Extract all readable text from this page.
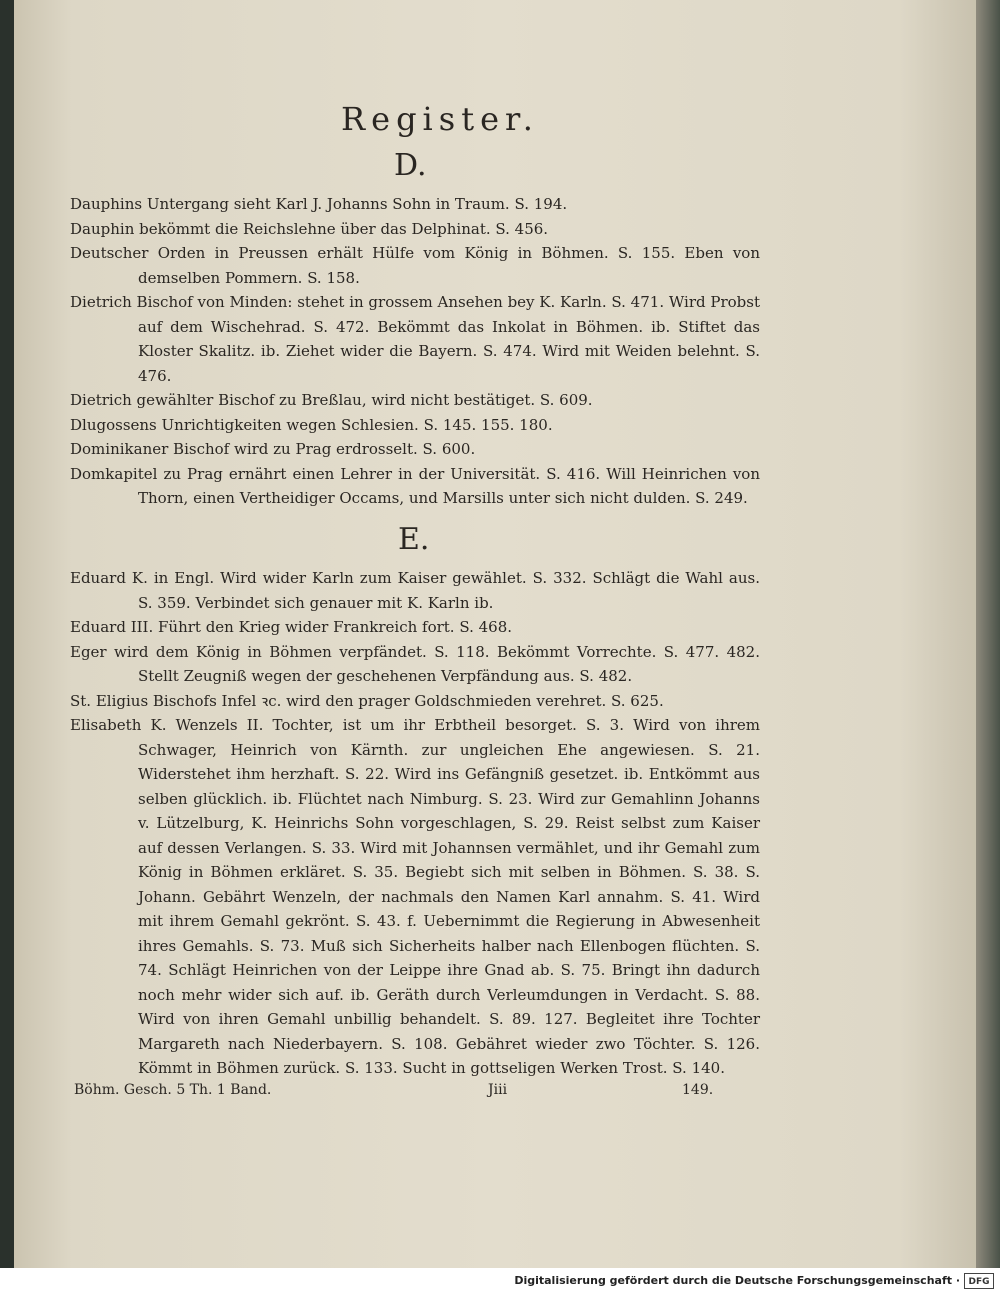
Register.
D.

Dauphins Untergang sieht Karl J. Johanns Sohn in Traum. S. 194.

Dauphin bekömmt die Reichslehne über das Delphinat. S. 456.

Deutscher Orden in Preussen erhält Hülfe vom König in Böhmen. S. 155. Eben von demselben Pommern. S. 158.

Dietrich Bischof von Minden: stehet in grossem Ansehen bey K. Karln. S. 471. Wird Probst auf dem Wischehrad. S. 472. Bekömmt das Inkolat in Böhmen. ib. Stiftet das Kloster Skalitz. ib. Ziehet wider die Bayern. S. 474. Wird mit Weiden belehnt. S. 476.

Dietrich gewählter Bischof zu Breßlau, wird nicht bestätiget. S. 609.

Dlugossens Unrichtigkeiten wegen Schlesien. S. 145. 155. 180.

Dominikaner Bischof wird zu Prag erdrosselt. S. 600.

Domkapitel zu Prag ernährt einen Lehrer in der Universität. S. 416. Will Heinrichen von Thorn, einen Vertheidiger Occams, und Marsills unter sich nicht dulden. S. 249.

E.

Eduard K. in Engl. Wird wider Karln zum Kaiser gewählet. S. 332. Schlägt die Wahl aus. S. 359. Verbindet sich genauer mit K. Karln ib.

Eduard III. Führt den Krieg wider Frankreich fort. S. 468.

Eger wird dem König in Böhmen verpfändet. S. 118. Bekömmt Vorrechte. S. 477. 482. Stellt Zeugniß wegen der geschehenen Verpfändung aus. S. 482.

St. Eligius Bischofs Infel ꝛc. wird den prager Goldschmieden verehret. S. 625.

Elisabeth K. Wenzels II. Tochter, ist um ihr Erbtheil besorget. S. 3. Wird von ihrem Schwager, Heinrich von Kärnth. zur ungleichen Ehe angewiesen. S. 21. Widerstehet ihm herzhaft. S. 22. Wird ins Gefängniß gesetzet. ib. Entkömmt aus selben glücklich. ib. Flüchtet nach Nimburg. S. 23. Wird zur Gemahlinn Johanns v. Lützelburg, K. Heinrichs Sohn vorgeschlagen, S. 29. Reist selbst zum Kaiser auf dessen Verlangen. S. 33. Wird mit Johannsen vermählet, und ihr Gemahl zum König in Böhmen erkläret. S. 35. Begiebt sich mit selben in Böhmen. S. 38. S. Johann. Gebährt Wenzeln, der nachmals den Namen Karl annahm. S. 41. Wird mit ihrem Gemahl gekrönt. S. 43. f. Uebernimmt die Regierung in Abwesenheit ihres Gemahls. S. 73. Muß sich Sicherheits halber nach Ellenbogen flüchten. S. 74. Schlägt Heinrichen von der Leippe ihre Gnad ab. S. 75. Bringt ihn dadurch noch mehr wider sich auf. ib. Geräth durch Verleumdungen in Verdacht. S. 88. Wird von ihren Gemahl unbillig behandelt. S. 89. 127. Begleitet ihre Tochter Margareth nach Niederbayern. S. 108. Gebähret wieder zwo Töchter. S. 126. Kömmt in Böhmen zurück. S. 133. Sucht in gottseligen Werken Trost. S. 140.

Böhm. Gesch. 5 Th. 1 Band.	Jiii	149.
Digitalisierung gefördert durch die Deutsche Forschungsgemeinschaft · DFG
